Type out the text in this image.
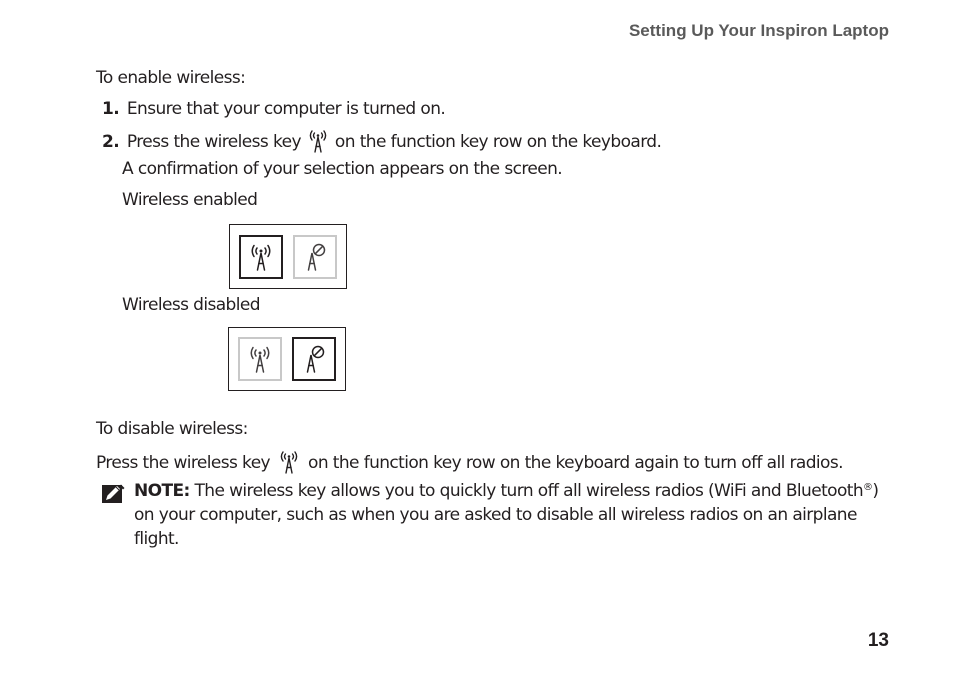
Setting Up Your Inspiron Laptop
To enable wireless:
1. Ensure that your computer is turned on.
2. Press the wireless key on the function key row on the keyboard.
A confirmation of your selection appears on the screen.
Wireless enabled
Wireless disabled
To disable wireless:
Press the wireless key on the function key row on the keyboard again to turn off all radios.
NOTE: The wireless key allows you to quickly turn off all wireless radios (WiFi and Bluetooth®) on your computer, such as when you are asked to disable all wireless radios on an airplane flight.
13
